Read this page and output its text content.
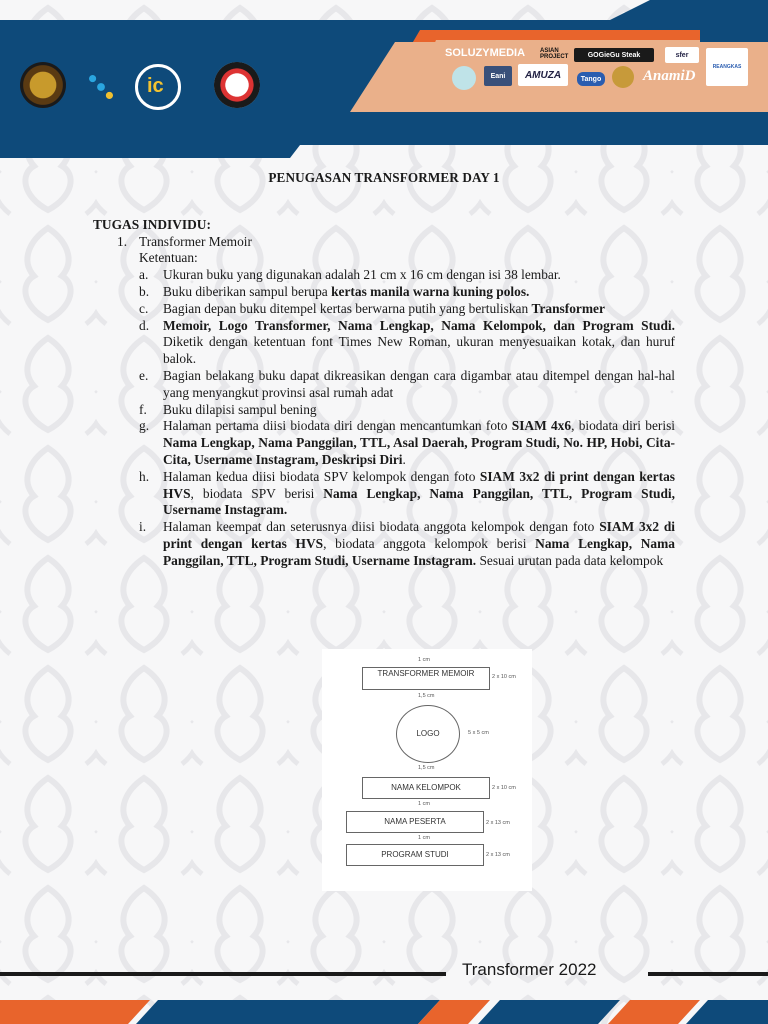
ic
SOLUZYMEDIA ASIAN PROJECT	GOGieGu Steak	sfer
Eani	AMUZA	Tango	AnamiD
REANGKAS
PENUGASAN TRANSFORMER DAY 1
TUGAS INDIVIDU:
1. Transformer Memoir
Ketentuan:
a. Ukuran buku yang digunakan adalah 21 cm x 16 cm dengan isi 38 lembar.
b. Buku diberikan sampul berupa kertas manila warna kuning polos.
c. Bagian depan buku ditempel kertas berwarna putih yang bertuliskan Transformer
d. Memoir, Logo Transformer, Nama Lengkap, Nama Kelompok, dan Program Studi. Diketik dengan ketentuan font Times New Roman, ukuran menyesuaikan kotak, dan huruf balok.
e. Bagian belakang buku dapat dikreasikan dengan cara digambar atau ditempel dengan hal-hal yang menyangkut provinsi asal rumah adat
f. Buku dilapisi sampul bening
g. Halaman pertama diisi biodata diri dengan mencantumkan foto SIAM 4x6, biodata diri berisi Nama Lengkap, Nama Panggilan, TTL, Asal Daerah, Program Studi, No. HP, Hobi, Cita-Cita, Username Instagram, Deskripsi Diri.
h. Halaman kedua diisi biodata SPV kelompok dengan foto SIAM 3x2 di print dengan kertas HVS, biodata SPV berisi Nama Lengkap, Nama Panggilan, TTL, Program Studi, Username Instagram.
i. Halaman keempat dan seterusnya diisi biodata anggota kelompok dengan foto SIAM 3x2 di print dengan kertas HVS, biodata anggota kelompok berisi Nama Lengkap, Nama Panggilan, TTL, Program Studi, Username Instagram. Sesuai urutan pada data kelompok
1 cm
TRANSFORMER MEMOIR	2 x 10 cm
1,5 cm
LOGO	5 x 5 cm
1,5 cm
NAMA KELOMPOK	2 x 10 cm
1 cm
NAMA PESERTA	2 x 13 cm
1 cm
PROGRAM STUDI	2 x 13 cm
Transformer 2022
